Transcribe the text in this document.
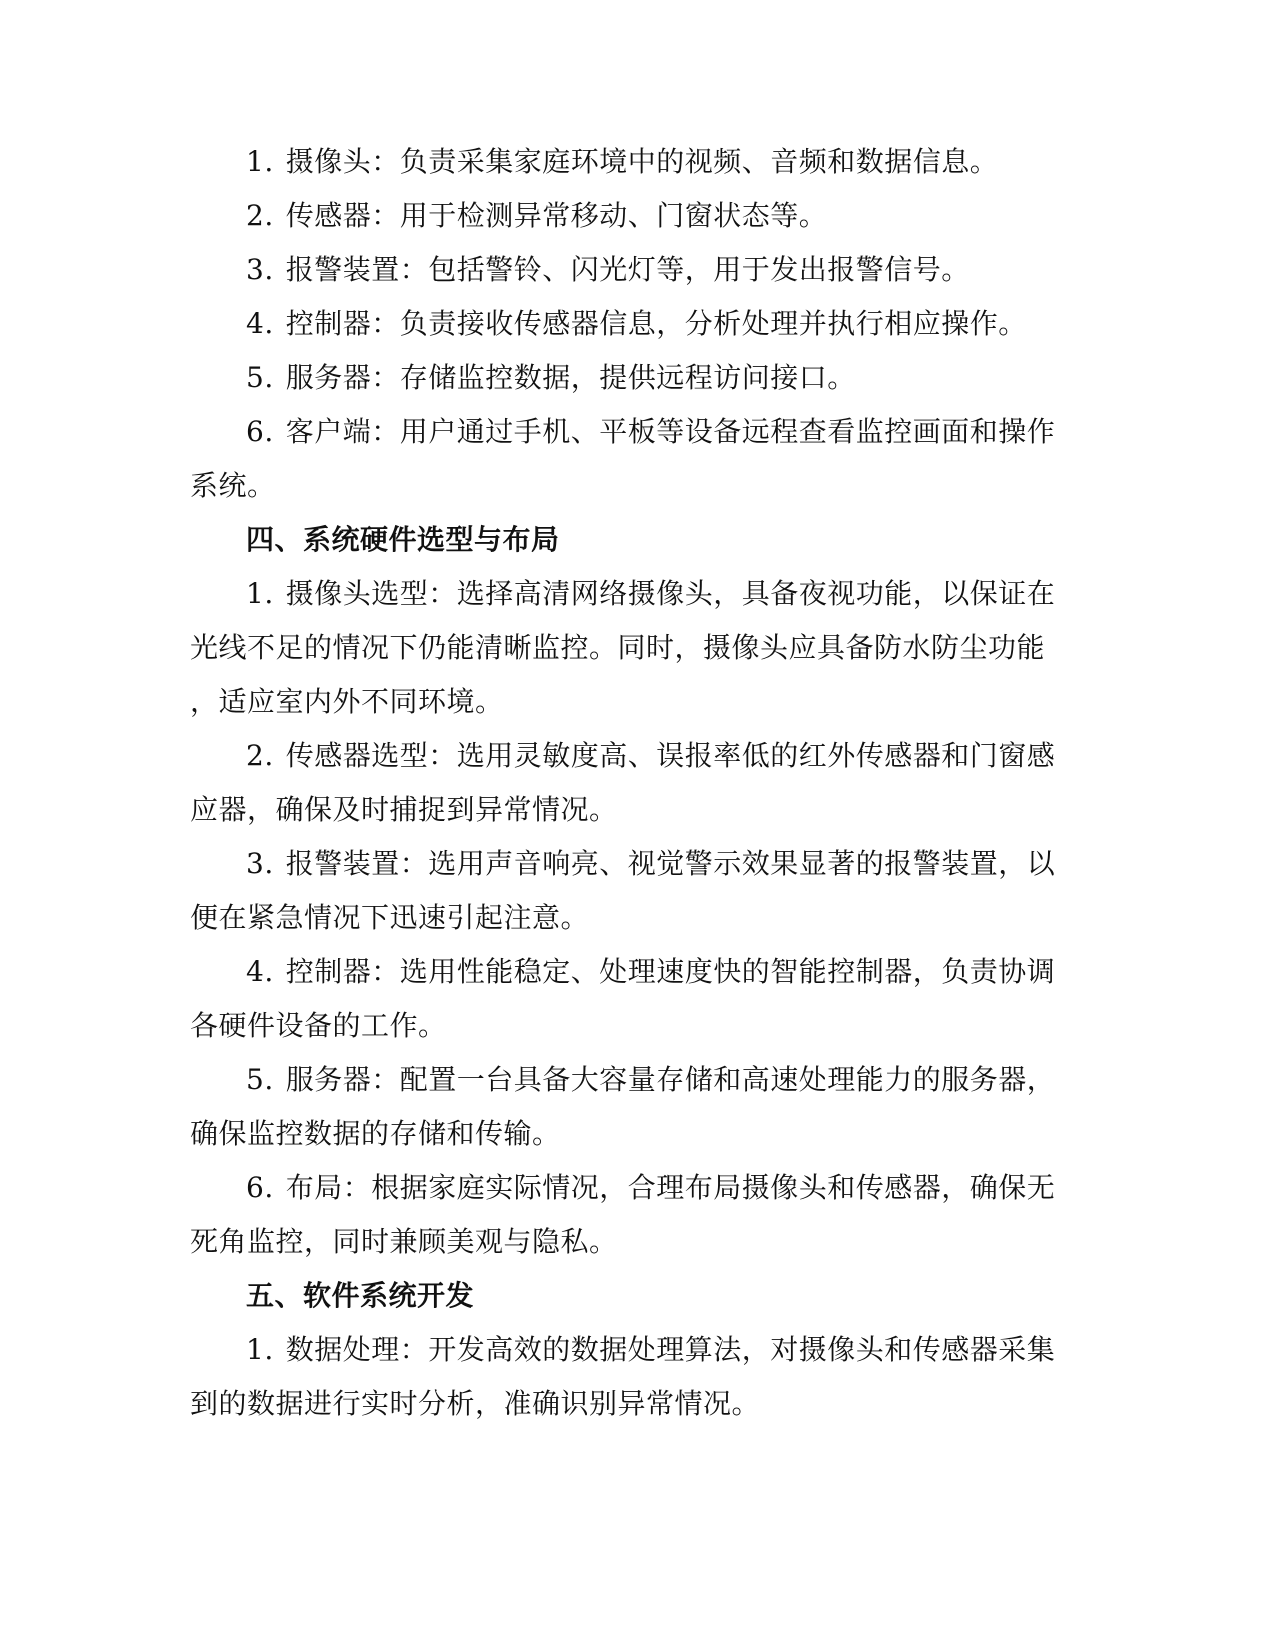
1. 摄像头：负责采集家庭环境中的视频、音频和数据信息。
2. 传感器：用于检测异常移动、门窗状态等。
3. 报警装置：包括警铃、闪光灯等，用于发出报警信号。
4. 控制器：负责接收传感器信息，分析处理并执行相应操作。
5. 服务器：存储监控数据，提供远程访问接口。
6. 客户端：用户通过手机、平板等设备远程查看监控画面和操作
系统。
四、系统硬件选型与布局
1. 摄像头选型：选择高清网络摄像头，具备夜视功能，以保证在
光线不足的情况下仍能清晰监控。同时，摄像头应具备防水防尘功能
，适应室内外不同环境。
2. 传感器选型：选用灵敏度高、误报率低的红外传感器和门窗感
应器，确保及时捕捉到异常情况。
3. 报警装置：选用声音响亮、视觉警示效果显著的报警装置，以
便在紧急情况下迅速引起注意。
4. 控制器：选用性能稳定、处理速度快的智能控制器，负责协调
各硬件设备的工作。
5. 服务器：配置一台具备大容量存储和高速处理能力的服务器，
确保监控数据的存储和传输。
6. 布局：根据家庭实际情况，合理布局摄像头和传感器，确保无
死角监控，同时兼顾美观与隐私。
五、软件系统开发
1. 数据处理：开发高效的数据处理算法，对摄像头和传感器采集
到的数据进行实时分析，准确识别异常情况。
